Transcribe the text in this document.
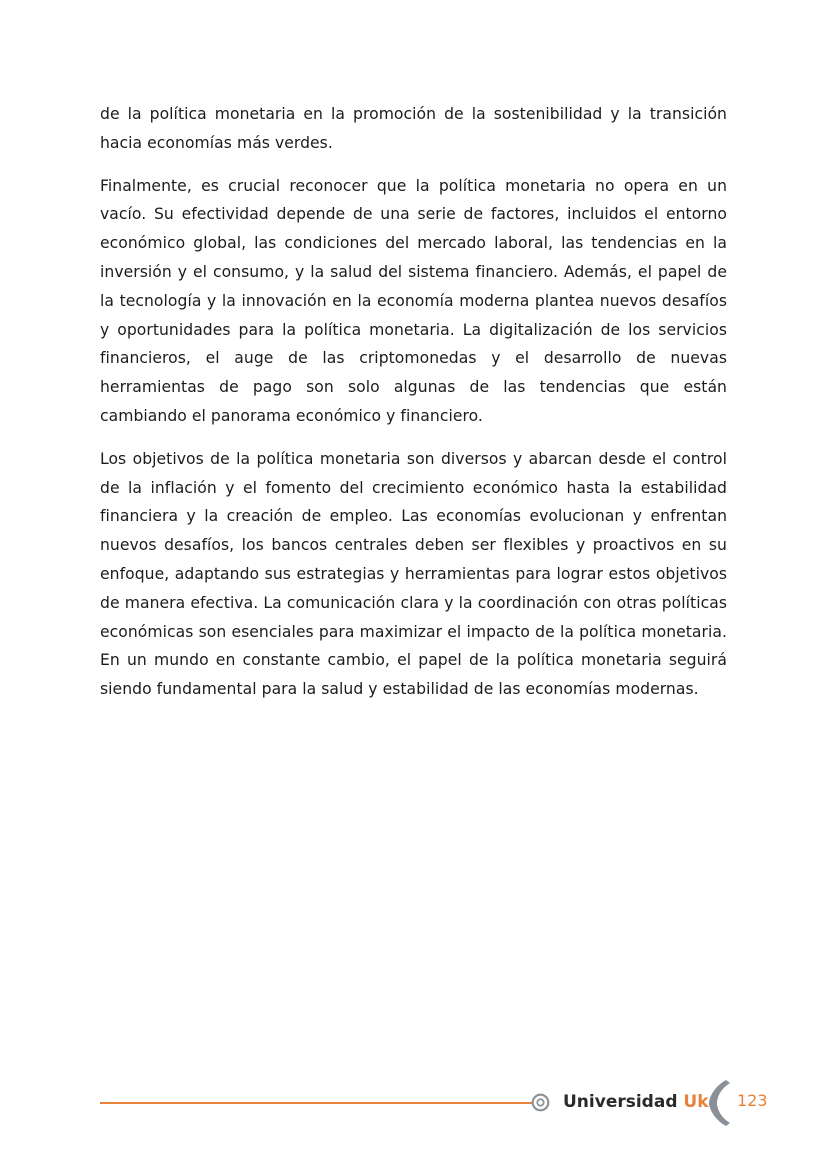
de la política monetaria en la promoción de la sostenibilidad y la transición hacia economías más verdes.

Finalmente, es crucial reconocer que la política monetaria no opera en un vacío. Su efectividad depende de una serie de factores, incluidos el entorno económico global, las condiciones del mercado laboral, las tendencias en la inversión y el consumo, y la salud del sistema financiero. Además, el papel de la tecnología y la innovación en la economía moderna plantea nuevos desafíos y oportunidades para la política monetaria. La digitalización de los servicios financieros, el auge de las criptomonedas y el desarrollo de nuevas herramientas de pago son solo algunas de las tendencias que están cambiando el panorama económico y financiero.

Los objetivos de la política monetaria son diversos y abarcan desde el control de la inflación y el fomento del crecimiento económico hasta la estabilidad financiera y la creación de empleo. Las economías evolucionan y enfrentan nuevos desafíos, los bancos centrales deben ser flexibles y proactivos en su enfoque, adaptando sus estrategias y herramientas para lograr estos objetivos de manera efectiva. La comunicación clara y la coordinación con otras políticas económicas son esenciales para maximizar el impacto de la política monetaria. En un mundo en constante cambio, el papel de la política monetaria seguirá siendo fundamental para la salud y estabilidad de las economías modernas.

Universidad Uk 123
